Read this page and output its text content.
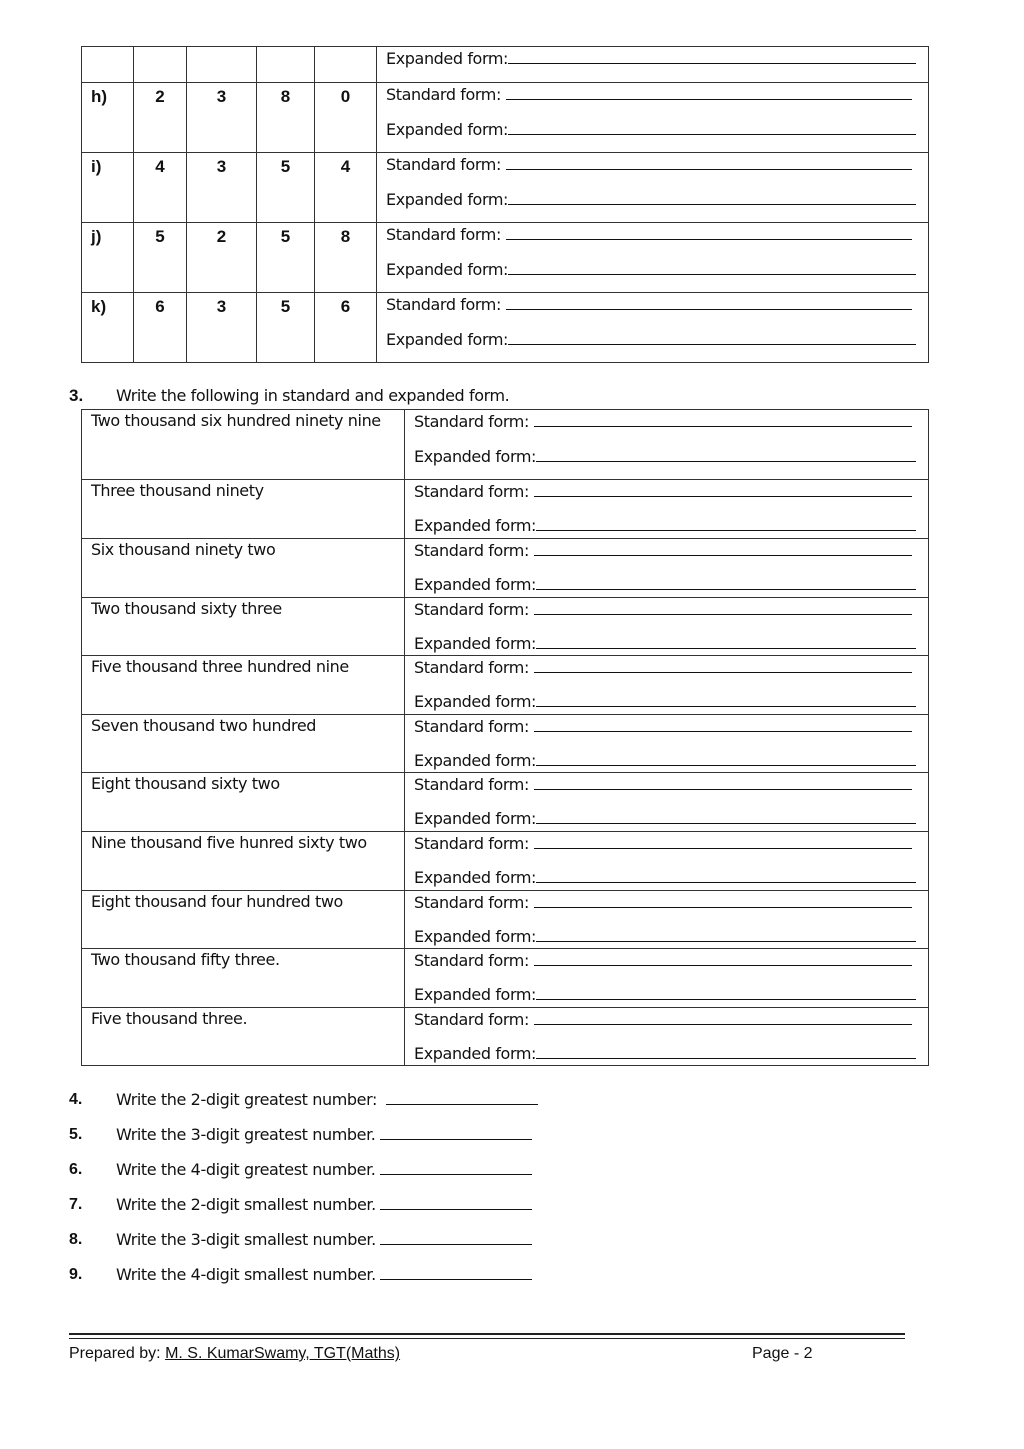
					Expanded form:

h)	2	3	8	0	Standard form:
Expanded form:

i)	4	3	5	4	Standard form:
Expanded form:

j)	5	2	5	8	Standard form:
Expanded form:

k)	6	3	5	6	Standard form:
Expanded form:
3. Write the following in standard and expanded form.
Two thousand six hundred ninety nine	Standard form:
Expanded form:

Three thousand ninety	Standard form:
Expanded form:

Six thousand ninety two	Standard form:
Expanded form:

Two thousand sixty three	Standard form:
Expanded form:

Five thousand three hundred nine	Standard form:
Expanded form:

Seven thousand two hundred	Standard form:
Expanded form:

Eight thousand sixty two	Standard form:
Expanded form:

Nine thousand five hunred sixty two	Standard form:
Expanded form:

Eight thousand four hundred two	Standard form:
Expanded form:

Two thousand fifty three.	Standard form:
Expanded form:

Five thousand three.	Standard form:
Expanded form:
4. Write the 2-digit greatest number:
5. Write the 3-digit greatest number.
6. Write the 4-digit greatest number.
7. Write the 2-digit smallest number.
8. Write the 3-digit smallest number.
9. Write the 4-digit smallest number.
Prepared by: M. S. KumarSwamy, TGT(Maths)	Page - 2
